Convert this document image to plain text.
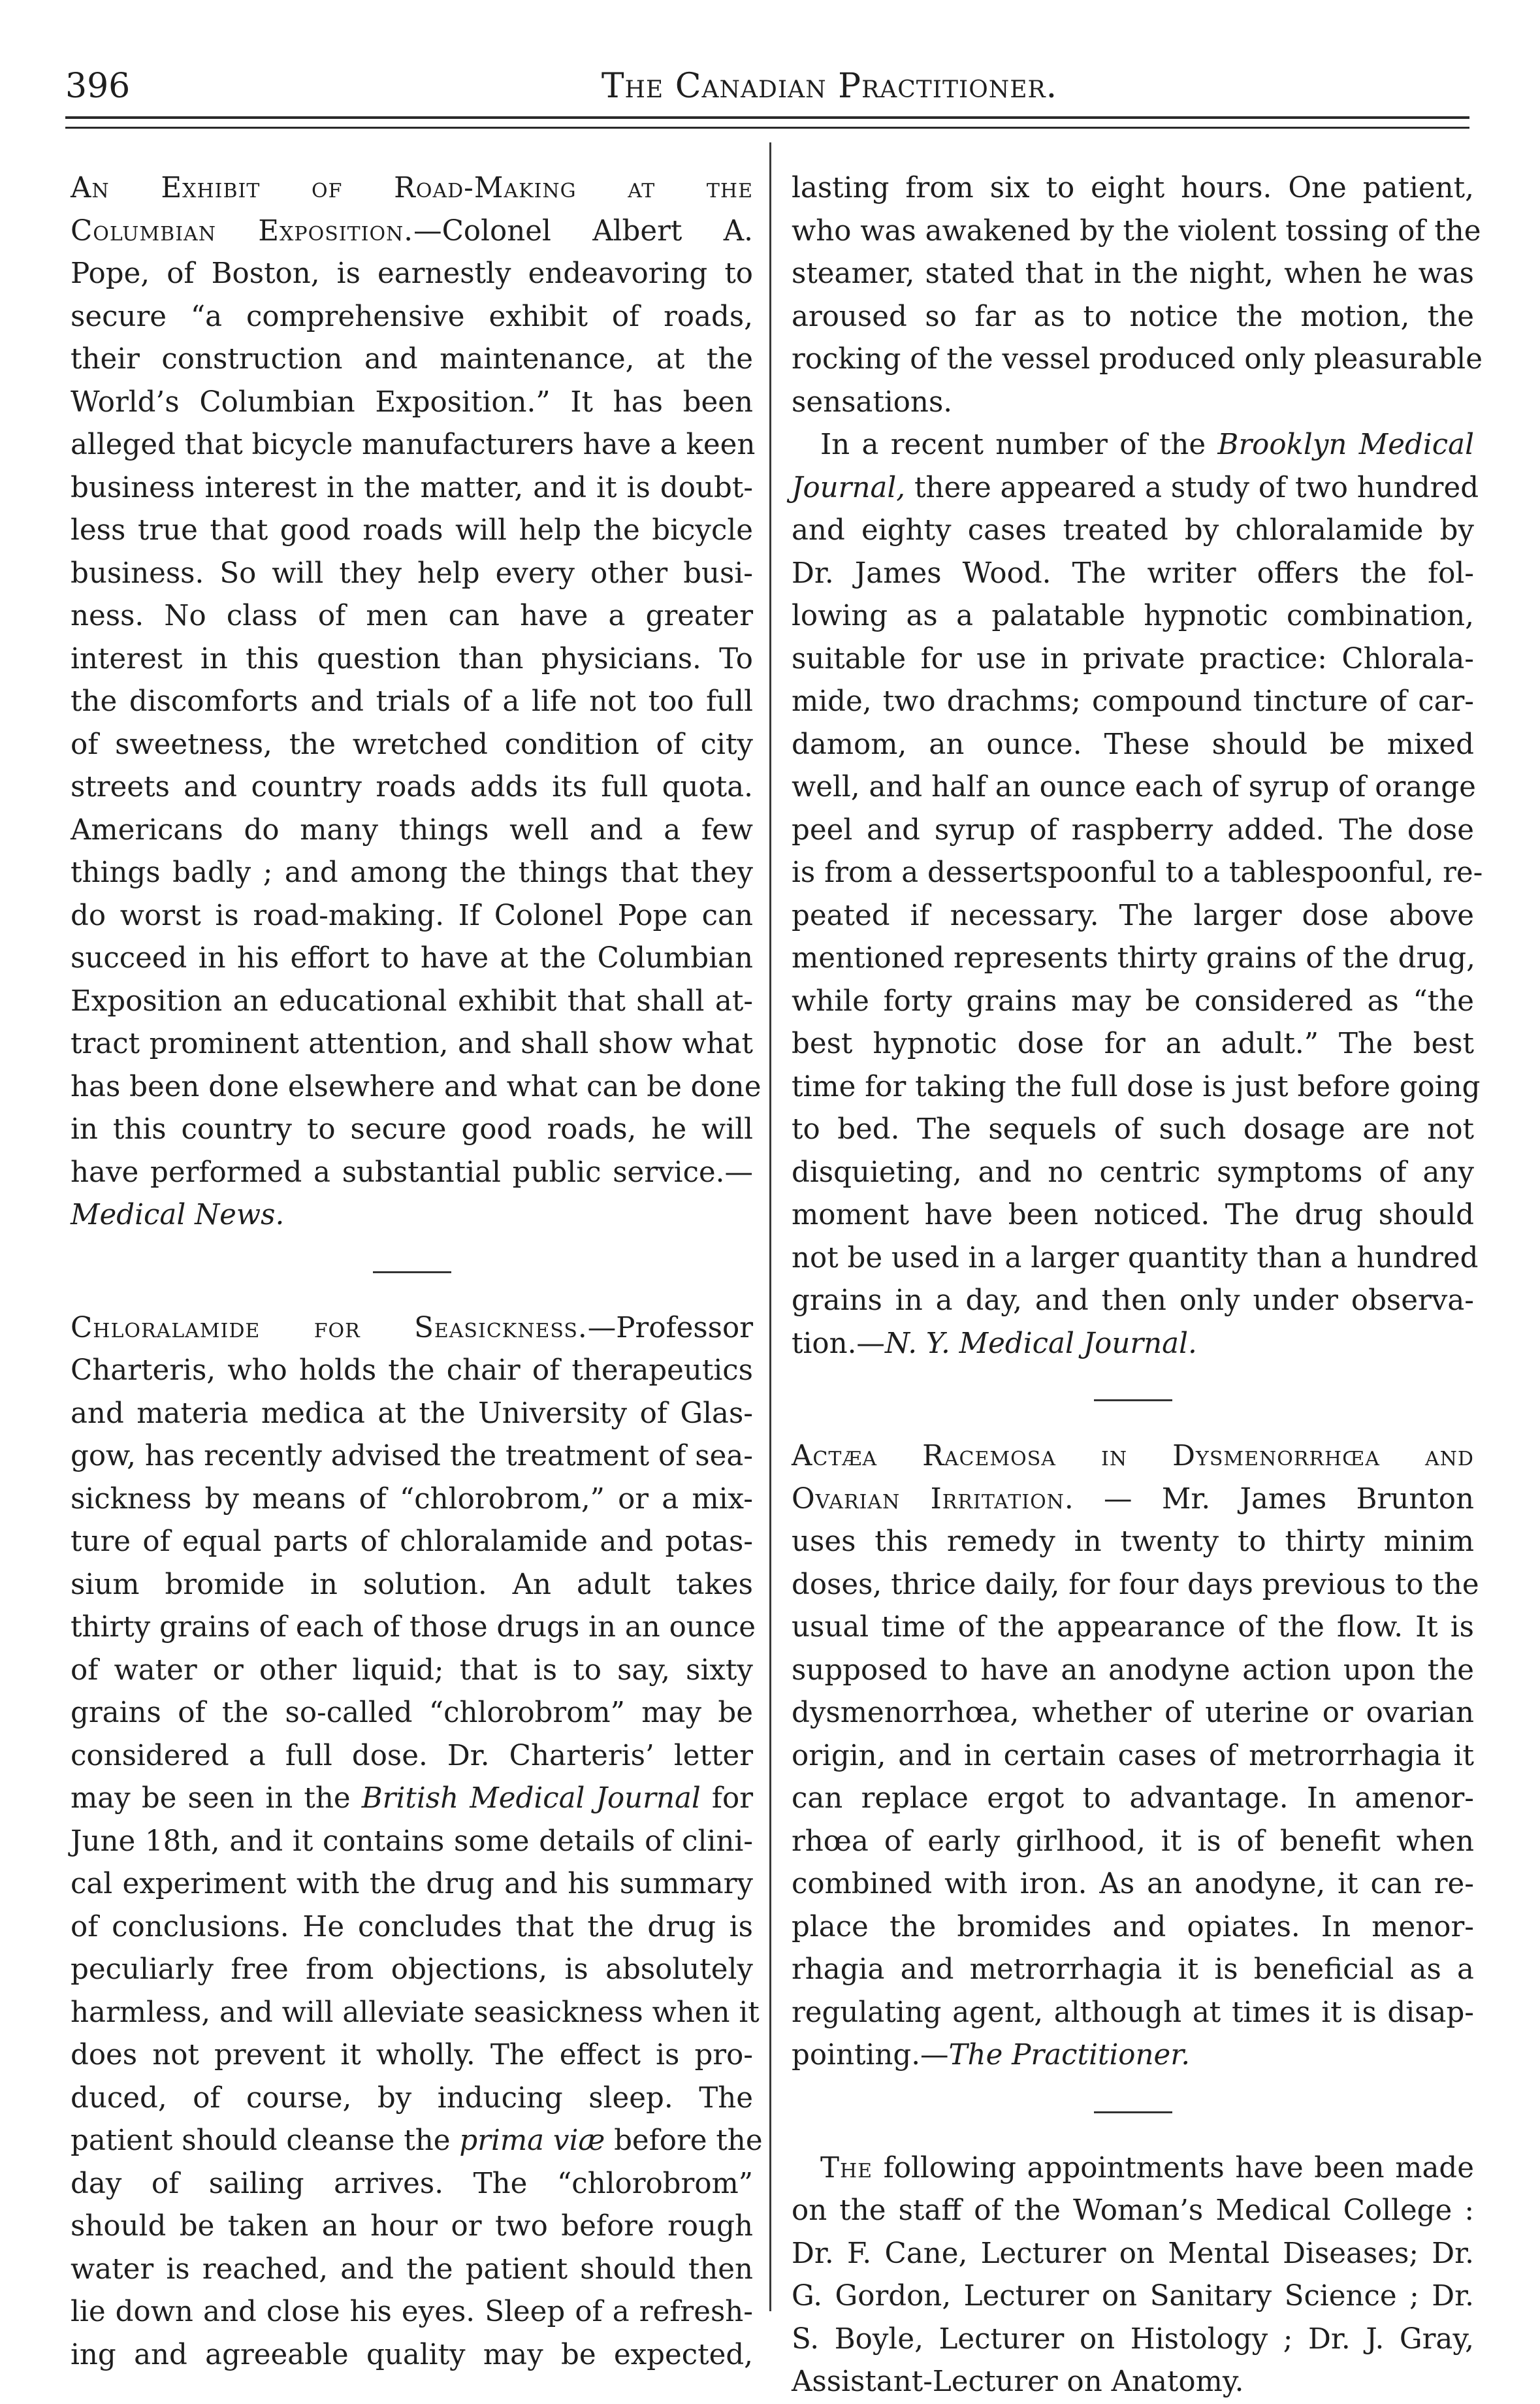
396	The Canadian Practitioner.

An Exhibit of Road-Making at the
Columbian Exposition.—Colonel Albert A.
Pope, of Boston, is earnestly endeavoring to
secure “a comprehensive exhibit of roads,
their construction and maintenance, at the
World’s Columbian Exposition.” It has been
alleged that bicycle manufacturers have a keen
business interest in the matter, and it is doubt-
less true that good roads will help the bicycle
business. So will they help every other busi-
ness. No class of men can have a greater
interest in this question than physicians. To
the discomforts and trials of a life not too full
of sweetness, the wretched condition of city
streets and country roads adds its full quota.
Americans do many things well and a few
things badly ; and among the things that they
do worst is road-making. If Colonel Pope can
succeed in his effort to have at the Columbian
Exposition an educational exhibit that shall at-
tract prominent attention, and shall show what
has been done elsewhere and what can be done
in this country to secure good roads, he will
have performed a substantial public service.—
Medical News.

Chloralamide for Seasickness.—Professor
Charteris, who holds the chair of therapeutics
and materia medica at the University of Glas-
gow, has recently advised the treatment of sea-
sickness by means of “chlorobrom,” or a mix-
ture of equal parts of chloralamide and potas-
sium bromide in solution. An adult takes
thirty grains of each of those drugs in an ounce
of water or other liquid; that is to say, sixty
grains of the so-called “chlorobrom” may be
considered a full dose. Dr. Charteris’ letter
may be seen in the British Medical Journal for
June 18th, and it contains some details of clini-
cal experiment with the drug and his summary
of conclusions. He concludes that the drug is
peculiarly free from objections, is absolutely
harmless, and will alleviate seasickness when it
does not prevent it wholly. The effect is pro-
duced, of course, by inducing sleep. The
patient should cleanse the prima viæ before the
day of sailing arrives. The “chlorobrom”
should be taken an hour or two before rough
water is reached, and the patient should then
lie down and close his eyes. Sleep of a refresh-
ing and agreeable quality may be expected,

lasting from six to eight hours. One patient,
who was awakened by the violent tossing of the
steamer, stated that in the night, when he was
aroused so far as to notice the motion, the
rocking of the vessel produced only pleasurable
sensations.
In a recent number of the Brooklyn Medical
Journal, there appeared a study of two hundred
and eighty cases treated by chloralamide by
Dr. James Wood. The writer offers the fol-
lowing as a palatable hypnotic combination,
suitable for use in private practice: Chlorala-
mide, two drachms; compound tincture of car-
damom, an ounce. These should be mixed
well, and half an ounce each of syrup of orange
peel and syrup of raspberry added. The dose
is from a dessertspoonful to a tablespoonful, re-
peated if necessary. The larger dose above
mentioned represents thirty grains of the drug,
while forty grains may be considered as “the
best hypnotic dose for an adult.” The best
time for taking the full dose is just before going
to bed. The sequels of such dosage are not
disquieting, and no centric symptoms of any
moment have been noticed. The drug should
not be used in a larger quantity than a hundred
grains in a day, and then only under observa-
tion.—N. Y. Medical Journal.

Actæa Racemosa in Dysmenorrhœa and
Ovarian Irritation. — Mr. James Brunton
uses this remedy in twenty to thirty minim
doses, thrice daily, for four days previous to the
usual time of the appearance of the flow. It is
supposed to have an anodyne action upon the
dysmenorrhœa, whether of uterine or ovarian
origin, and in certain cases of metrorrhagia it
can replace ergot to advantage. In amenor-
rhœa of early girlhood, it is of benefit when
combined with iron. As an anodyne, it can re-
place the bromides and opiates. In menor-
rhagia and metrorrhagia it is beneficial as a
regulating agent, although at times it is disap-
pointing.—The Practitioner.

The following appointments have been made
on the staff of the Woman’s Medical College :
Dr. F. Cane, Lecturer on Mental Diseases; Dr.
G. Gordon, Lecturer on Sanitary Science ; Dr.
S. Boyle, Lecturer on Histology ; Dr. J. Gray,
Assistant-Lecturer on Anatomy.
